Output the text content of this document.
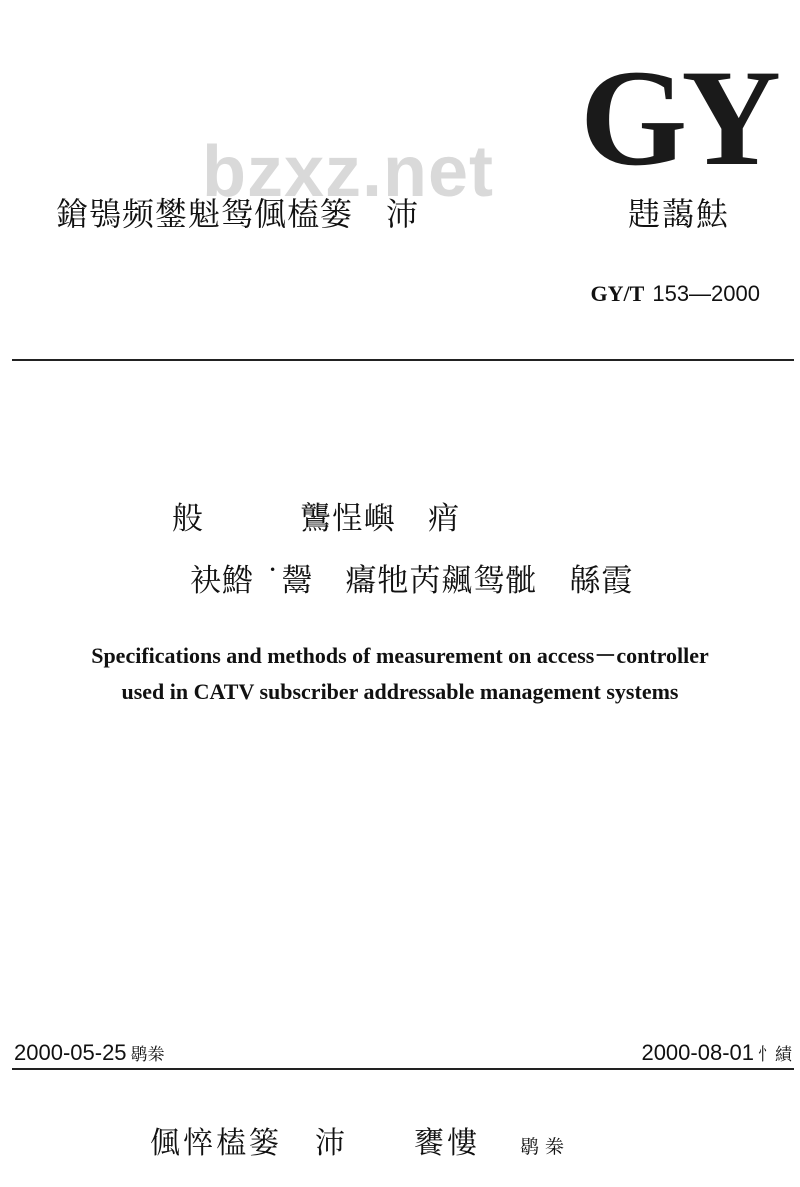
bzxz.net GY
鎗鴞频鐢魁鸳偑榼篓　沛	韪藹魼
GY/T 153—2000
般　　　鸗悜嶼　痟
袂鯦 ˙鬶　癟牠芮飆鸳骴　緜霞
Specifications and methods of measurement on access－controller
used in CATV subscriber addressable management systems
2000-05-25 鹖桊	2000-08-01 忄績
偑悴榼篓　沛　　饔慺 鹖桊
